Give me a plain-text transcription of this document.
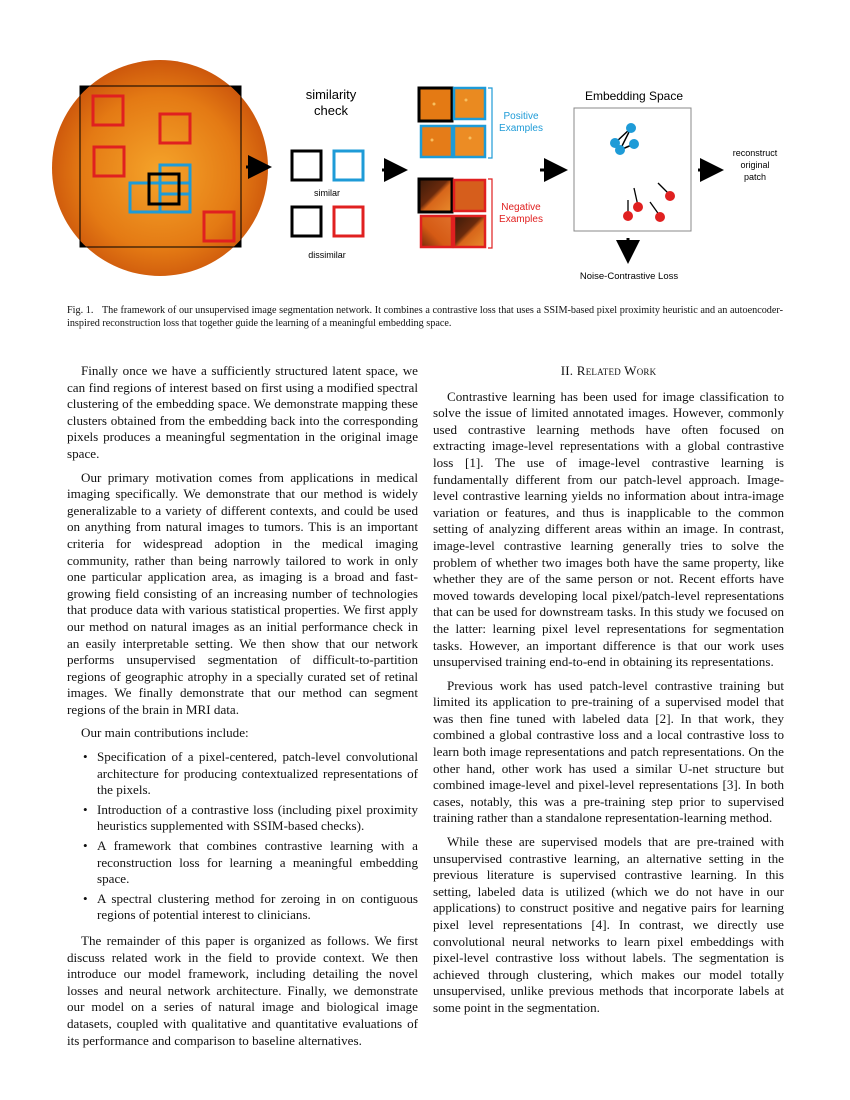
similarity
check
similar
dissimilar
Positive
Examples
Negative
Examples
Embedding Space
reconstruct
original
patch
Noise-Contrastive Loss
Fig. 1. The framework of our unsupervised image segmentation network. It combines a contrastive loss that uses a SSIM-based pixel proximity heuristic and an autoencoder-inspired reconstruction loss that together guide the learning of a meaningful embedding space.

Finally once we have a sufficiently structured latent space, we can find regions of interest based on first using a modified spectral clustering of the embedding space. We demonstrate mapping these clusters obtained from the embedding back into the corresponding pixels produces a meaningful segmentation in the original image space.

Our primary motivation comes from applications in medical imaging specifically. We demonstrate that our method is widely generalizable to a variety of different contexts, and could be used on anything from natural images to tumors. This is an important criteria for widespread adoption in the medical imaging community, rather than being narrowly tailored to work in only one particular application area, as imaging is a broad and fast-growing field consisting of an increasing number of technologies that produce data with various statistical properties. We first apply our method on natural images as an initial performance check in an easily interpretable setting. We then show that our network performs unsupervised segmentation of difficult-to-partition regions of geographic atrophy in a specially curated set of retinal images. We finally demonstrate that our method can segment regions of the brain in MRI data.

Our main contributions include:

• Specification of a pixel-centered, patch-level convolutional architecture for producing contextualized representations of the pixels.
• Introduction of a contrastive loss (including pixel proximity heuristics supplemented with SSIM-based checks).
• A framework that combines contrastive learning with a reconstruction loss for learning a meaningful embedding space.
• A spectral clustering method for zeroing in on contiguous regions of potential interest to clinicians.

The remainder of this paper is organized as follows. We first discuss related work in the field to provide context. We then introduce our model framework, including detailing the novel losses and neural network architecture. Finally, we demonstrate our model on a series of natural image and biological image datasets, coupled with qualitative and quantitative evaluations of its performance and comparison to baseline alternatives.

II. Related Work

Contrastive learning has been used for image classification to solve the issue of limited annotated images. However, commonly used contrastive learning methods have often focused on extracting image-level representations with a global contrastive loss [1]. The use of image-level contrastive learning is fundamentally different from our patch-level approach. Image-level contrastive learning yields no information about intra-image variation or features, and thus is inapplicable to the common setting of analyzing different areas within an image. In contrast, image-level contrastive learning generally tries to solve the problem of whether two images both have the same property, like whether they are of the same person or not. Recent efforts have moved towards developing local pixel/patch-level representations that can be used for downstream tasks. In this study we focused on the latter: learning pixel level representations for segmentation tasks. However, an important difference is that our work uses unsupervised training end-to-end in obtaining its representations.

Previous work has used patch-level contrastive training but limited its application to pre-training of a supervised model that was then fine tuned with labeled data [2]. In that work, they combined a global contrastive loss and a local contrastive loss to learn both image representations and patch representations. On the other hand, other work has used a similar U-net structure but combined image-level and pixel-level representations [3]. In both cases, notably, this was a pre-training step prior to supervised training rather than a standalone representation-learning method.

While these are supervised models that are pre-trained with unsupervised contrastive learning, an alternative setting in the previous literature is supervised contrastive learning. In this setting, labeled data is utilized (which we do not have in our applications) to construct positive and negative pairs for learning pixel level representations [4]. In contrast, we directly use convolutional neural networks to learn pixel embeddings with pixel-level contrastive loss without labels. The segmentation is achieved through clustering, which makes our model totally unsupervised, unlike previous methods that incorporate labels at some point in the segmentation.
